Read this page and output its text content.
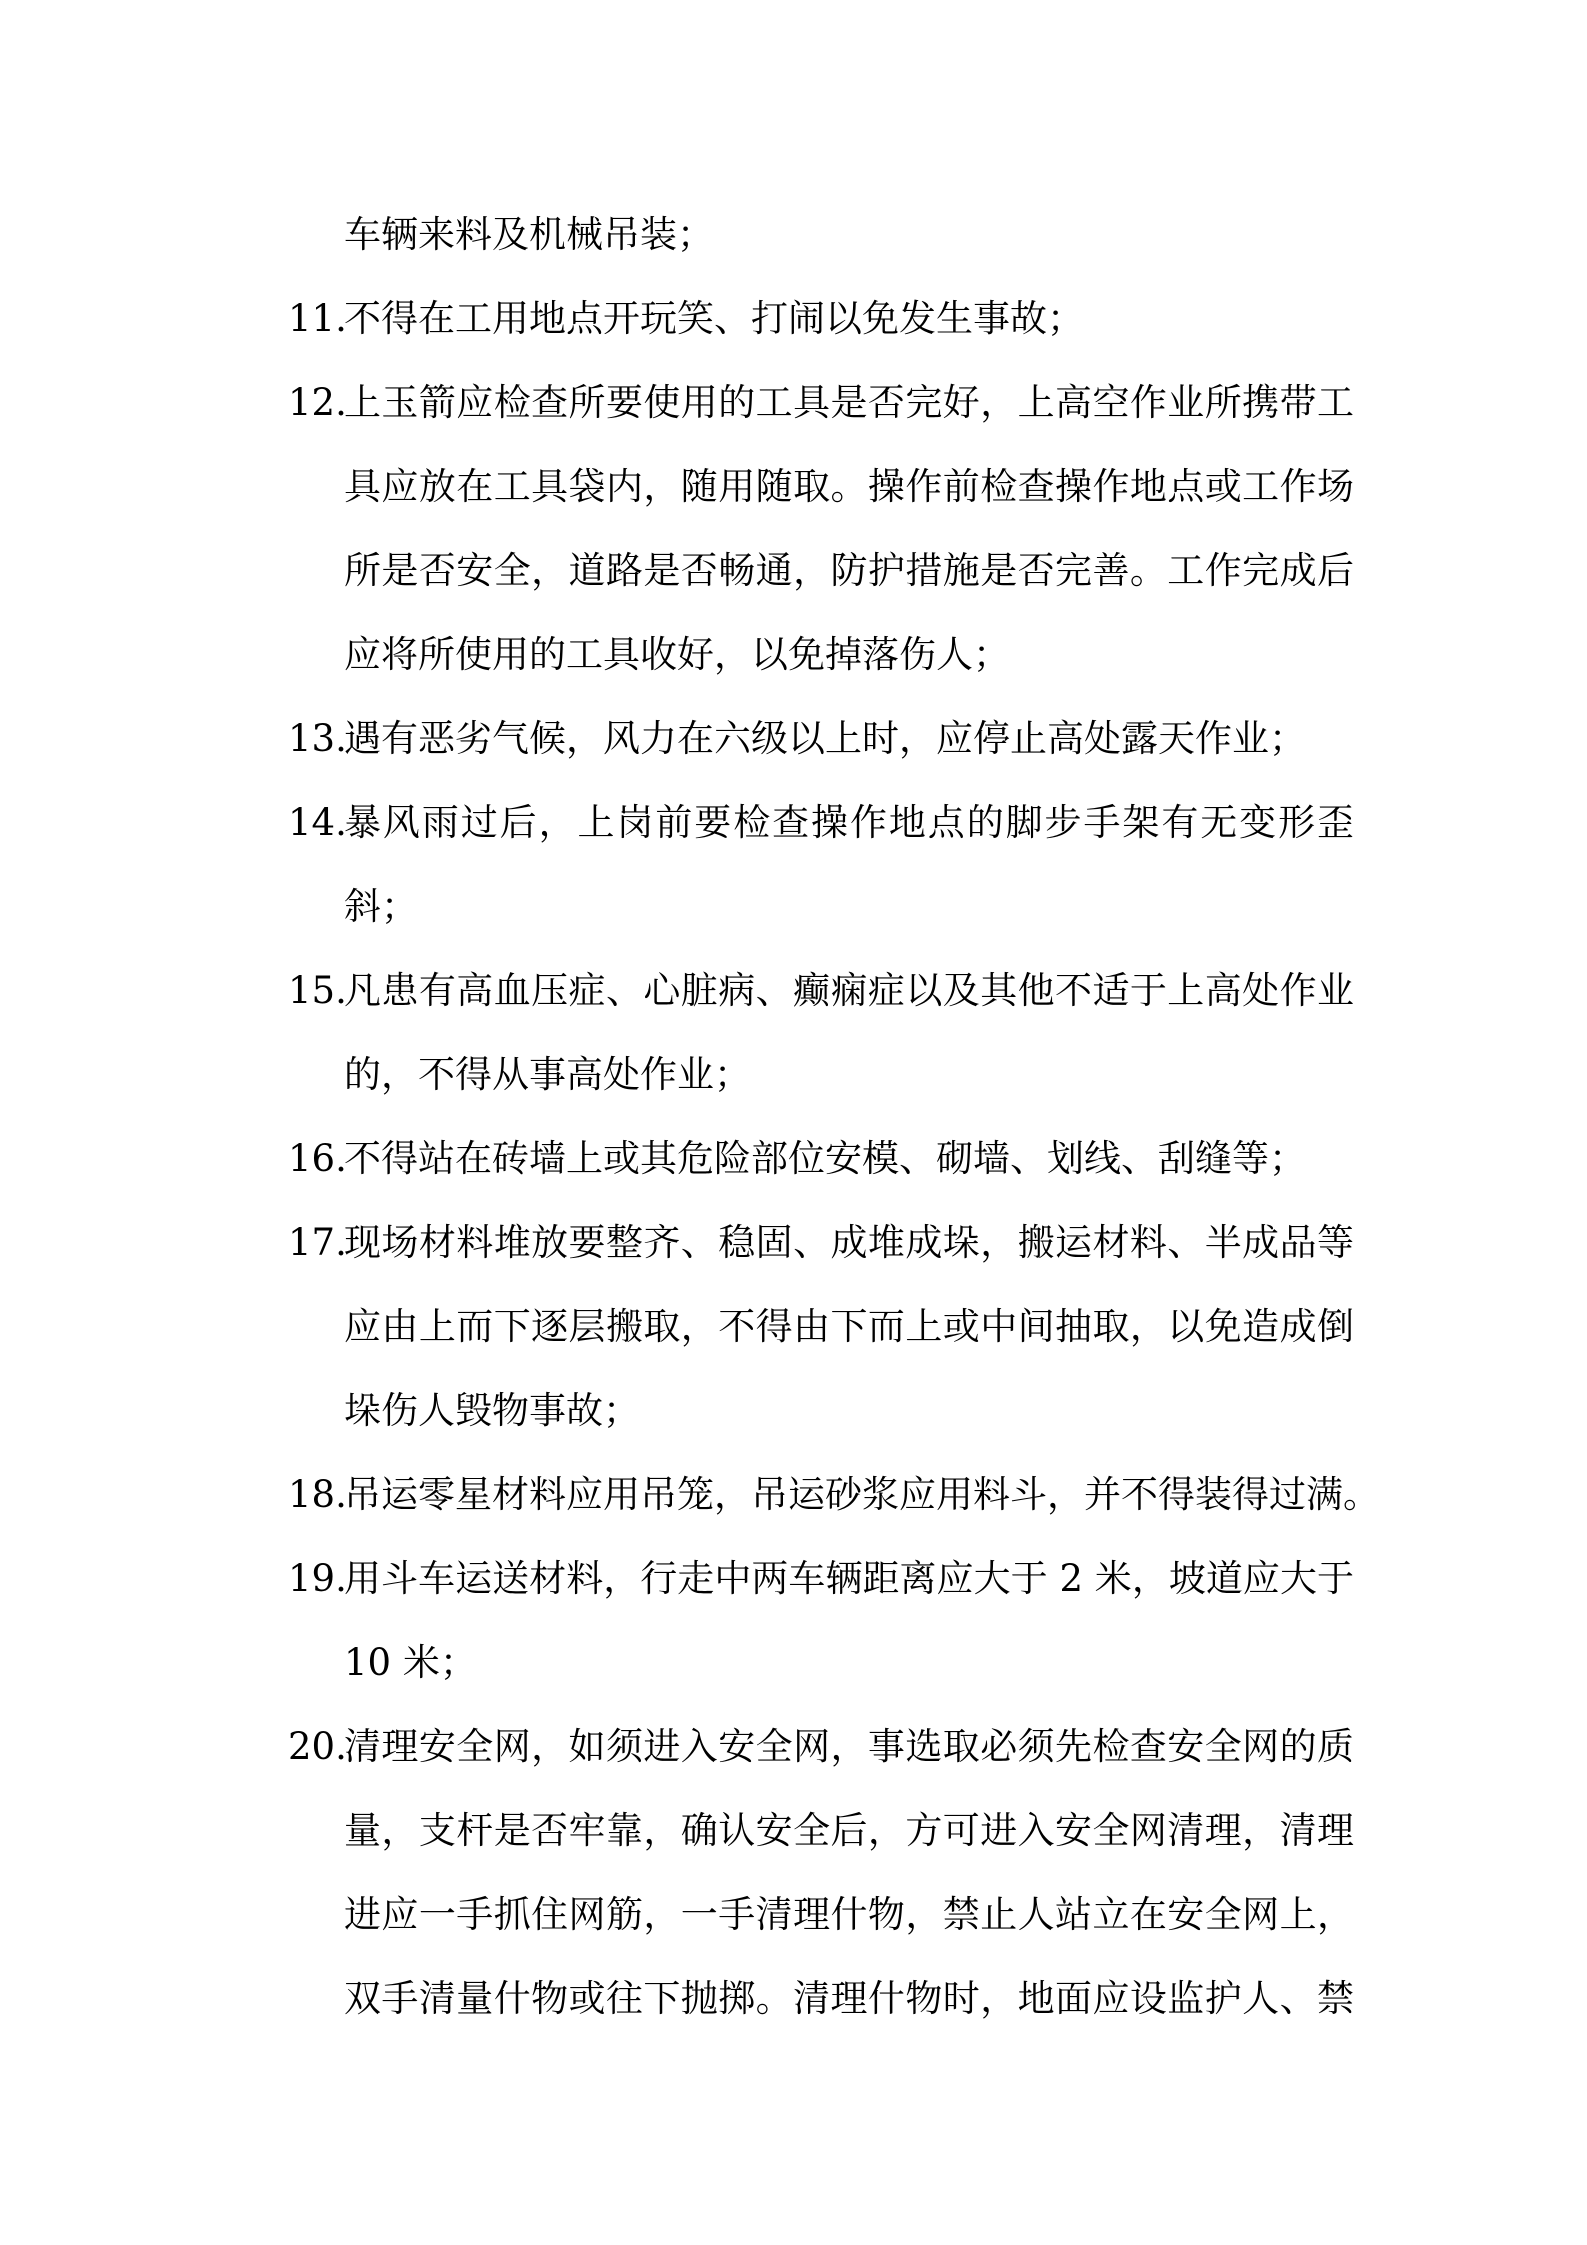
车辆来料及机械吊装；
11.
不得在工用地点开玩笑、打闹以免发生事故；
12.
上玉箭应检查所要使用的工具是否完好，上高空作业所携带工
具应放在工具袋内，随用随取。操作前检查操作地点或工作场
所是否安全，道路是否畅通，防护措施是否完善。工作完成后
应将所使用的工具收好，以免掉落伤人；
13.
遇有恶劣气候，风力在六级以上时，应停止高处露天作业；
14.
暴风雨过后，上岗前要检查操作地点的脚步手架有无变形歪
斜；
15.
凡患有高血压症、心脏病、癫痫症以及其他不适于上高处作业
的，不得从事高处作业；
16.
不得站在砖墙上或其危险部位安模、砌墙、划线、刮缝等；
17.
现场材料堆放要整齐、稳固、成堆成垛，搬运材料、半成品等
应由上而下逐层搬取，不得由下而上或中间抽取，以免造成倒
垛伤人毁物事故；
18.
吊运零星材料应用吊笼，吊运砂浆应用料斗，并不得装得过满。
19.
用斗车运送材料，行走中两车辆距离应大于 2 米，坡道应大于
10 米；
20.
清理安全网，如须进入安全网，事选取必须先检查安全网的质
量，支杆是否牢靠，确认安全后，方可进入安全网清理，清理
进应一手抓住网筋，一手清理什物，禁止人站立在安全网上，
双手清量什物或往下抛掷。清理什物时，地面应设监护人、禁
